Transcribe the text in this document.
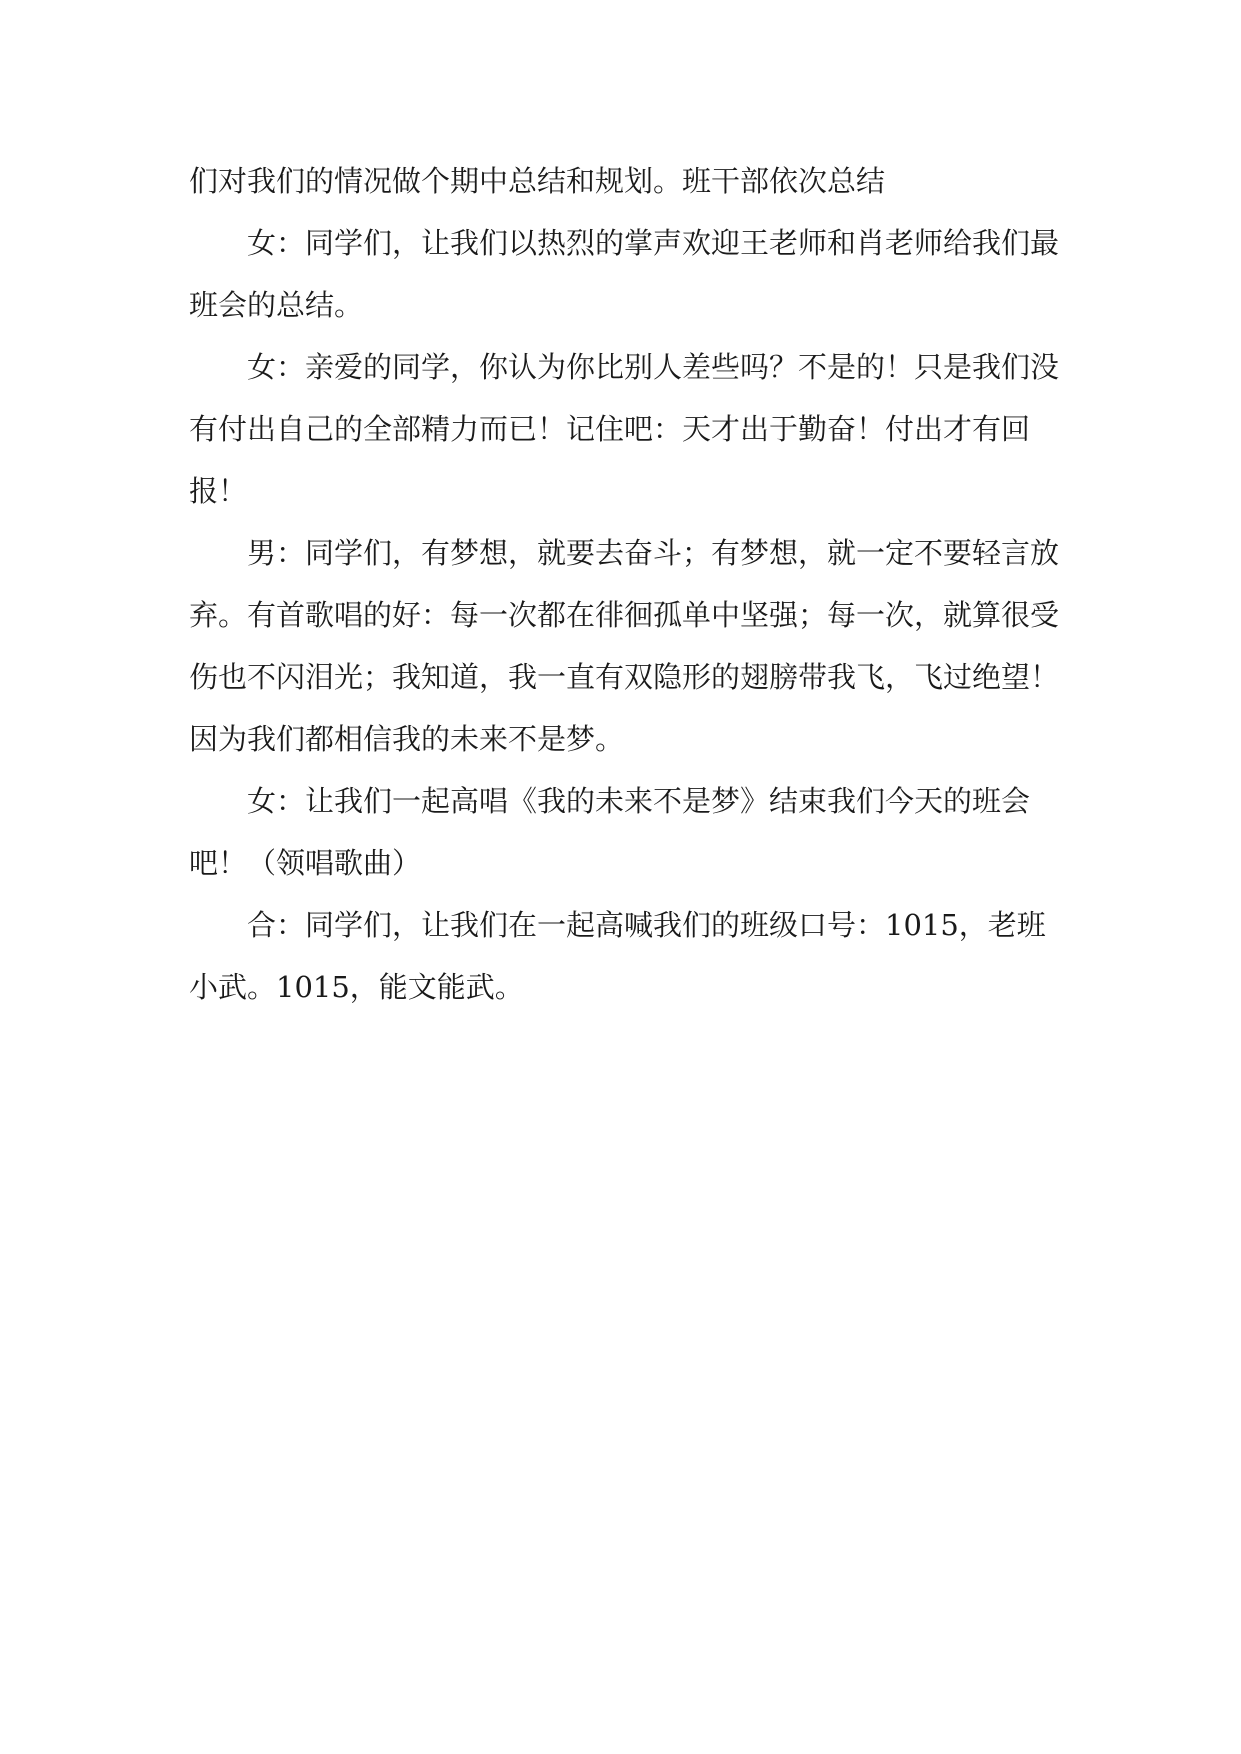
们对我们的情况做个期中总结和规划。班干部依次总结

女：同学们，让我们以热烈的掌声欢迎王老师和肖老师给我们最班会的总结。

女：亲爱的同学，你认为你比别人差些吗？不是的！只是我们没有付出自己的全部精力而已！记住吧：天才出于勤奋！付出才有回报！

男：同学们，有梦想，就要去奋斗；有梦想，就一定不要轻言放弃。有首歌唱的好：每一次都在徘徊孤单中坚强；每一次，就算很受伤也不闪泪光；我知道，我一直有双隐形的翅膀带我飞，飞过绝望！因为我们都相信我的未来不是梦。

女：让我们一起高唱《我的未来不是梦》结束我们今天的班会吧！（领唱歌曲）

合：同学们，让我们在一起高喊我们的班级口号：1015，老班小武。1015，能文能武。
